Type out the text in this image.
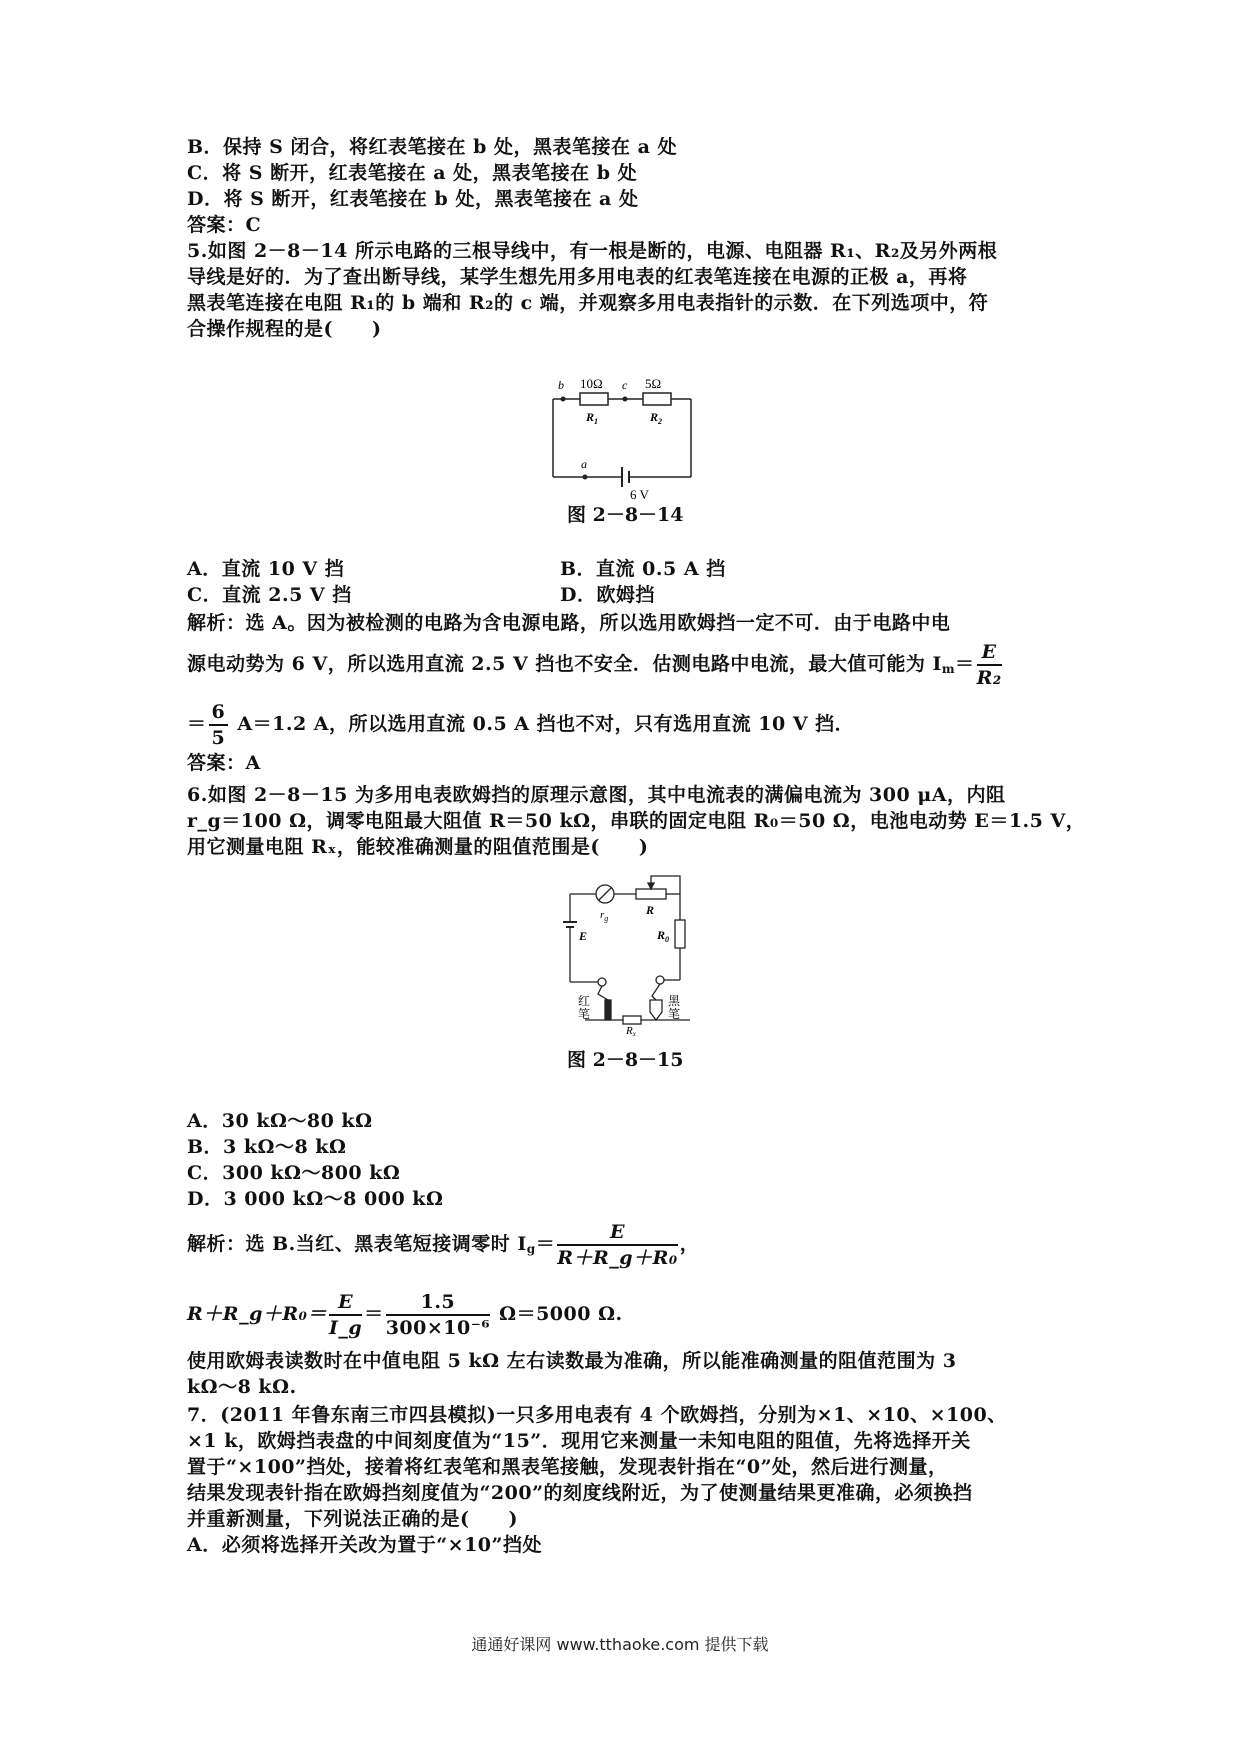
B．保持 S 闭合，将红表笔接在 b 处，黑表笔接在 a 处
C．将 S 断开，红表笔接在 a 处，黑表笔接在 b 处
D．将 S 断开，红表笔接在 b 处，黑表笔接在 a 处
答案：C
5.如图 2－8－14 所示电路的三根导线中，有一根是断的，电源、电阻器 R₁、R₂及另外两根
导线是好的．为了查出断导线，某学生想先用多用电表的红表笔连接在电源的正极 a，再将
黑表笔连接在电阻 R₁的 b 端和 R₂的 c 端，并观察多用电表指针的示数．在下列选项中，符
合操作规程的是(　　)
b 10Ω c 5Ω
$R_1$	$R_2$
a
6 V
图 2－8－14
A．直流 10 V 挡	B．直流 0.5 A 挡
C．直流 2.5 V 挡	D．欧姆挡
解析：选 A。因为被检测的电路为含电源电路，所以选用欧姆挡一定不可．由于电路中电
源电动势为 6 V，所以选用直流 2.5 V 挡也不安全．估测电路中电流，最大值可能为 $I_m= \frac{E}{\text{R₂}}$
＝ $\frac{6}{5} A=1.2$ A，所以选用直流 0.5 A 挡也不对，只有选用直流 10 V 挡．
答案：A
6.如图 2－8－15 为多用电表欧姆挡的原理示意图，其中电流表的满偏电流为 300 μA，内阻
r_g＝100 Ω，调零电阻最大阻值 R＝50 kΩ，串联的固定电阻 R₀＝50 Ω，电池电动势 E＝1.5 V，
用它测量电阻 Rₓ，能较准确测量的阻值范围是(　　)
$r_g$
R
$R_0$
E
红
笔
黑
笔
Rx
图 2－8－15
A．30 kΩ～80 kΩ
B．3 kΩ～8 kΩ
C．300 kΩ～800 kΩ
D．3 000 kΩ～8 000 kΩ
解析：选 B.当红、黑表笔短接调零时 $I_g= \frac{E}{\text{R＋R\_g＋R₀}}$ ，
R＋R_g＋R₀＝ $\frac{E}{I\_g} = \frac{1.5}{\text{300×10⁻⁶}} \Omega=5000$ Ω.
使用欧姆表读数时在中值电阻 5 kΩ 左右读数最为准确，所以能准确测量的阻值范围为 3
kΩ～8 kΩ.
7．(2011 年鲁东南三市四县模拟)一只多用电表有 4 个欧姆挡，分别为×1、×10、×100、
×1 k，欧姆挡表盘的中间刻度值为“15”．现用它来测量一未知电阻的阻值，先将选择开关
置于“×100”挡处，接着将红表笔和黑表笔接触，发现表针指在“0”处，然后进行测量，
结果发现表针指在欧姆挡刻度值为“200”的刻度线附近，为了使测量结果更准确，必须换挡
并重新测量，下列说法正确的是(　　)
A．必须将选择开关改为置于“×10”挡处
通通好课网 www.tthaoke.com 提供下载
